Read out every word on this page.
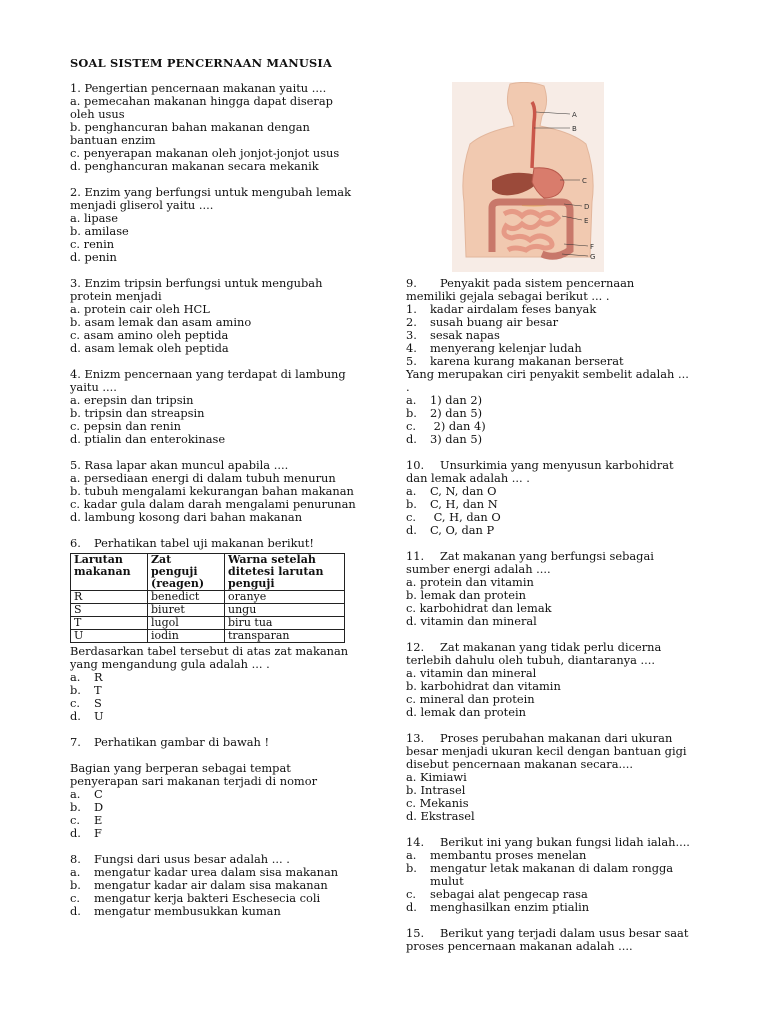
SOAL SISTEM PENCERNAAN MANUSIA
1. Pengertian pencernaan makanan yaitu ....
a. pemecahan makanan hingga dapat diserap
oleh usus
b. penghancuran bahan makanan dengan
bantuan enzim
c. penyerapan makanan oleh jonjot-jonjot usus
d. penghancuran makanan secara mekanik
2. Enzim yang berfungsi untuk mengubah lemak
menjadi gliserol yaitu ....
a. lipase
b. amilase
c. renin
d. penin
3. Enzim tripsin berfungsi untuk mengubah
protein menjadi
a. protein cair oleh HCL
b. asam lemak dan asam amino
c. asam amino oleh peptida
d. asam lemak oleh peptida
4. Enizm pencernaan yang terdapat di lambung
yaitu ....
a. erepsin dan tripsin
b. tripsin dan streapsin
c. pepsin dan renin
d. ptialin dan enterokinase
5. Rasa lapar akan muncul apabila ....
a. persediaan energi di dalam tubuh menurun
b. tubuh mengalami kekurangan bahan makanan
c. kadar gula dalam darah mengalami penurunan
d. lambung kosong dari bahan makanan
6. Perhatikan tabel uji makanan berikut!
Larutan makanan	Zat penguji (reagen)	Warna setelah ditetesi larutan penguji
R	benedict	oranye
S	biuret	ungu
T	lugol	biru tua
U	iodin	transparan
Berdasarkan tabel tersebut di atas zat makanan
yang mengandung gula adalah ... .
a. R
b. T
c. S
d. U
7. Perhatikan gambar di bawah !
Bagian yang berperan sebagai tempat
penyerapan sari makanan terjadi di nomor
a. C
b. D
c. E
d. F
8. Fungsi dari usus besar adalah ... .
a. mengatur kadar urea dalam sisa makanan
b. mengatur kadar air dalam sisa makanan
c. mengatur kerja bakteri Eschesecia coli
d. mengatur membusukkan kuman
A
B
C
D
E
F
G
9. Penyakit pada sistem pencernaan
memiliki gejala sebagai berikut ... .
1. kadar airdalam feses banyak
2. susah buang air besar
3. sesak napas
4. menyerang kelenjar ludah
5. karena kurang makanan berserat
Yang merupakan ciri penyakit sembelit adalah ...
.
a. 1) dan 2)
b. 2) dan 5)
c. 2) dan 4)
d. 3) dan 5)
10. Unsurkimia yang menyusun karbohidrat
dan lemak adalah ... .
a. C, N, dan O
b. C, H, dan N
c. C, H, dan O
d. C, O, dan P
11. Zat makanan yang berfungsi sebagai
sumber energi adalah ....
a. protein dan vitamin
b. lemak dan protein
c. karbohidrat dan lemak
d. vitamin dan mineral
12. Zat makanan yang tidak perlu dicerna
terlebih dahulu oleh tubuh, diantaranya ....
a. vitamin dan mineral
b. karbohidrat dan vitamin
c. mineral dan protein
d. lemak dan protein
13. Proses perubahan makanan dari ukuran
besar menjadi ukuran kecil dengan bantuan gigi
disebut pencernaan makanan secara....
a. Kimiawi
b. Intrasel
c. Mekanis
d. Ekstrasel
14. Berikut ini yang bukan fungsi lidah ialah....
a. membantu proses menelan
b. mengatur letak makanan di dalam rongga
mulut
c. sebagai alat pengecap rasa
d. menghasilkan enzim ptialin
15. Berikut yang terjadi dalam usus besar saat
proses pencernaan makanan adalah ....
